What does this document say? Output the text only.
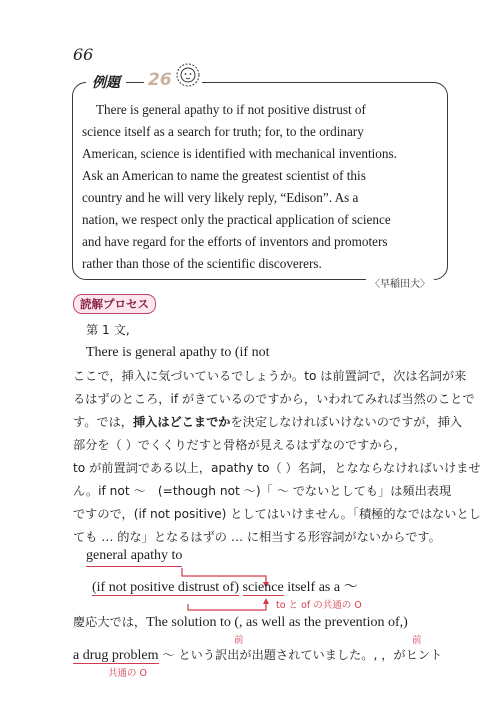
66
例題	26
There is general apathy to if not positive distrust of
science itself as a search for truth; for, to the ordinary
American, science is identified with mechanical inventions.
Ask an American to name the greatest scientist of this
country and he will very likely reply, “Edison”. As a
nation, we respect only the practical application of science
and have regard for the efforts of inventors and promoters
rather than those of the scientific discoverers.
〈早稲田大〉
読解プロセス
第 1 文,
There is general apathy to (if not
ここで，挿入に気づいているでしょうか。to は前置詞で，次は名詞が来
るはずのところ，if がきているのですから，いわれてみれば当然のことで
す。では，挿入はどこまでかを決定しなければいけないのですが，挿入
部分を（ ）でくくりだすと骨格が見えるはずなのですから，
to が前置詞である以上，apathy to（ ）名詞，となならなければいけませ
ん。if not 〜　(=though not 〜)「 〜 でないとしても」は頻出表現
ですので，(if not positive) としてはいけません。「積極的なではないとし
ても … 的な」となるはずの … に相当する形容詞がないからです。
general apathy to
(if not positive distrust of) science itself as a 〜
to と of の共通の O
慶応大では，The solution to (, as well as the prevention of,)
前	前
a drug problem 〜 という訳出が出題されていました。, ，がヒント
共通の O
